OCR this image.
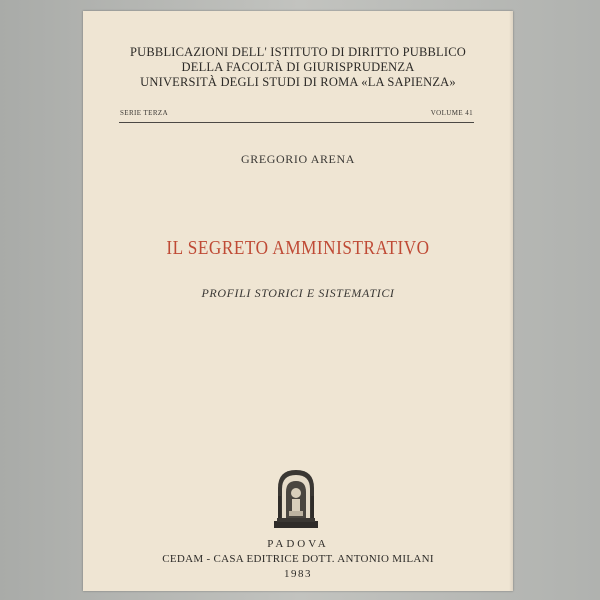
PUBBLICAZIONI DELL' ISTITUTO DI DIRITTO PUBBLICO
DELLA FACOLTÀ DI GIURISPRUDENZA
UNIVERSITÀ DEGLI STUDI DI ROMA «LA SAPIENZA»
SERIE TERZA	VOLUME 41
GREGORIO ARENA
IL SEGRETO AMMINISTRATIVO
PROFILI STORICI E SISTEMATICI
PADOVA
CEDAM - CASA EDITRICE DOTT. ANTONIO MILANI
1983
